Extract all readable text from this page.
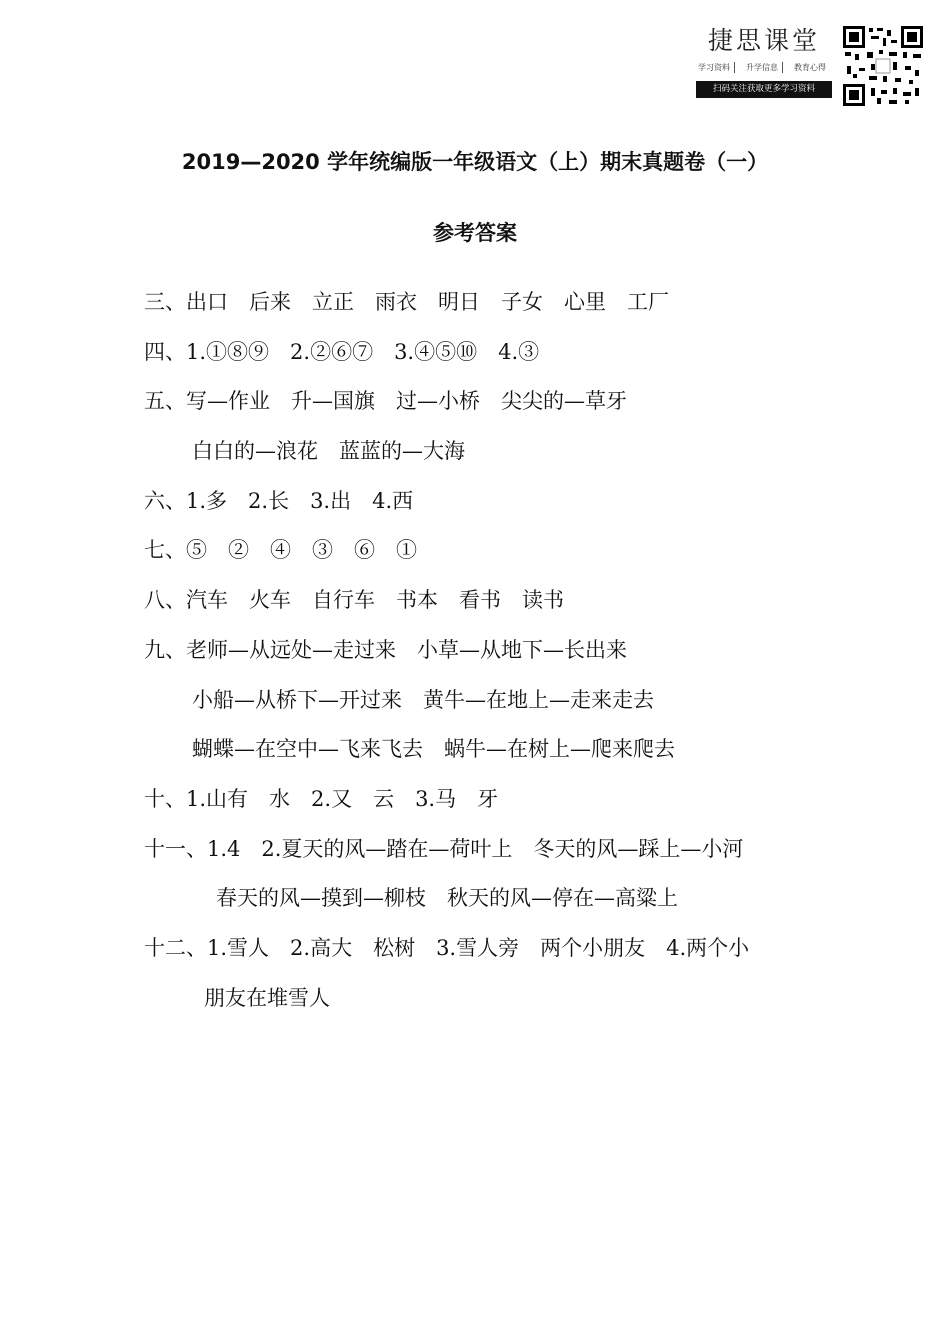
捷思课堂
学习资料	升学信息	教育心得
扫码关注获取更多学习资料
2019—2020 学年统编版一年级语文（上）期末真题卷（一）
参考答案
三、出口　后来　立正　雨衣　明日　子女　心里　工厂
四、1.①⑧⑨　2.②⑥⑦　3.④⑤⑩　4.③
五、写—作业　升—国旗　过—小桥　尖尖的—草牙
白白的—浪花　蓝蓝的—大海
六、1.多　2.长　3.出　4.西
七、⑤　②　④　③　⑥　①
八、汽车　火车　自行车　书本　看书　读书
九、老师—从远处—走过来　小草—从地下—长出来
小船—从桥下—开过来　黄牛—在地上—走来走去
蝴蝶—在空中—飞来飞去　蜗牛—在树上—爬来爬去
十、1.山有　水　2.又　云　3.马　牙
十一、1.4　2.夏天的风—踏在—荷叶上　冬天的风—踩上—小河
春天的风—摸到—柳枝　秋天的风—停在—高粱上
十二、1.雪人　2.高大　松树　3.雪人旁　两个小朋友　4.两个小
朋友在堆雪人
